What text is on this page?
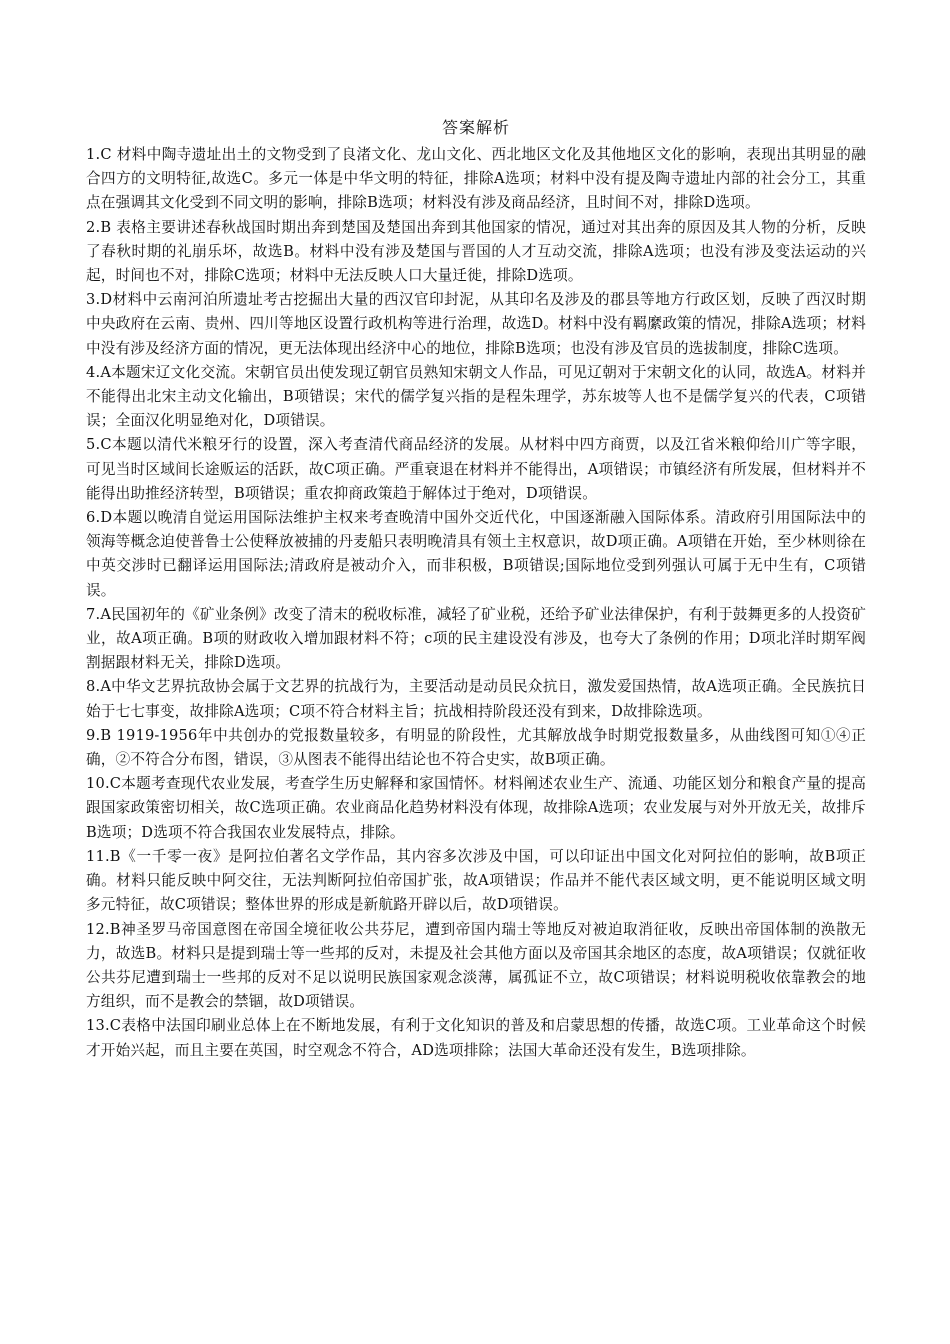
答案解析

1.C 材料中陶寺遗址出土的文物受到了良渚文化、龙山文化、西北地区文化及其他地区文化的影响，表现出其明显的融合四方的文明特征,故选C。多元一体是中华文明的特征，排除A选项；材料中没有提及陶寺遗址内部的社会分工，其重点在强调其文化受到不同文明的影响，排除B选项；材料没有涉及商品经济，且时间不对，排除D选项。

2.B 表格主要讲述春秋战国时期出奔到楚国及楚国出奔到其他国家的情况，通过对其出奔的原因及其人物的分析，反映了春秋时期的礼崩乐坏，故选B。材料中没有涉及楚国与晋国的人才互动交流，排除A选项；也没有涉及变法运动的兴起，时间也不对，排除C选项；材料中无法反映人口大量迁徙，排除D选项。

3.D材料中云南河泊所遗址考古挖掘出大量的西汉官印封泥，从其印名及涉及的郡县等地方行政区划，反映了西汉时期中央政府在云南、贵州、四川等地区设置行政机构等进行治理，故选D。材料中没有羁縻政策的情况，排除A选项；材料中没有涉及经济方面的情况，更无法体现出经济中心的地位，排除B选项；也没有涉及官员的选拔制度，排除C选项。

4.A本题宋辽文化交流。宋朝官员出使发现辽朝官员熟知宋朝文人作品，可见辽朝对于宋朝文化的认同，故选A。材料并不能得出北宋主动文化输出，B项错误；宋代的儒学复兴指的是程朱理学，苏东坡等人也不是儒学复兴的代表，C项错误；全面汉化明显绝对化，D项错误。

5.C本题以清代米粮牙行的设置，深入考查清代商品经济的发展。从材料中四方商贾，以及江省米粮仰给川广等字眼，可见当时区域间长途贩运的活跃，故C项正确。严重衰退在材料并不能得出，A项错误；市镇经济有所发展，但材料并不能得出助推经济转型，B项错误；重农抑商政策趋于解体过于绝对，D项错误。

6.D本题以晚清自觉运用国际法维护主权来考查晚清中国外交近代化，中国逐渐融入国际体系。清政府引用国际法中的领海等概念迫使普鲁士公使释放被捕的丹麦船只表明晚清具有领土主权意识，故D项正确。A项错在开始，至少林则徐在中英交涉时已翻译运用国际法;清政府是被动介入，而非积极，B项错误;国际地位受到列强认可属于无中生有，C项错误。

7.A民国初年的《矿业条例》改变了清末的税收标准，减轻了矿业税，还给予矿业法律保护，有利于鼓舞更多的人投资矿业，故A项正确。B项的财政收入增加跟材料不符；c项的民主建设没有涉及，也夸大了条例的作用；D项北洋时期军阀割据跟材料无关，排除D选项。

8.A中华文艺界抗敌协会属于文艺界的抗战行为，主要活动是动员民众抗日，激发爱国热情，故A选项正确。全民族抗日始于七七事变，故排除A选项；C项不符合材料主旨；抗战相持阶段还没有到来，D故排除选项。

9.B 1919-1956年中共创办的党报数量较多，有明显的阶段性，尤其解放战争时期党报数量多，从曲线图可知①④正确，②不符合分布图，错误，③从图表不能得出结论也不符合史实，故B项正确。

10.C本题考查现代农业发展，考查学生历史解释和家国情怀。材料阐述农业生产、流通、功能区划分和粮食产量的提高跟国家政策密切相关，故C选项正确。农业商品化趋势材料没有体现，故排除A选项；农业发展与对外开放无关，故排斥B选项；D选项不符合我国农业发展特点，排除。

11.B《一千零一夜》是阿拉伯著名文学作品，其内容多次涉及中国，可以印证出中国文化对阿拉伯的影响，故B项正确。材料只能反映中阿交往，无法判断阿拉伯帝国扩张，故A项错误；作品并不能代表区域文明，更不能说明区域文明多元特征，故C项错误；整体世界的形成是新航路开辟以后，故D项错误。

12.B神圣罗马帝国意图在帝国全境征收公共芬尼，遭到帝国内瑞士等地反对被迫取消征收，反映出帝国体制的涣散无力，故选B。材料只是提到瑞士等一些邦的反对，未提及社会其他方面以及帝国其余地区的态度，故A项错误；仅就征收公共芬尼遭到瑞士一些邦的反对不足以说明民族国家观念淡薄，属孤证不立，故C项错误；材料说明税收依靠教会的地方组织，而不是教会的禁锢，故D项错误。

13.C表格中法国印刷业总体上在不断地发展，有利于文化知识的普及和启蒙思想的传播，故选C项。工业革命这个时候才开始兴起，而且主要在英国，时空观念不符合，AD选项排除；法国大革命还没有发生，B选项排除。
